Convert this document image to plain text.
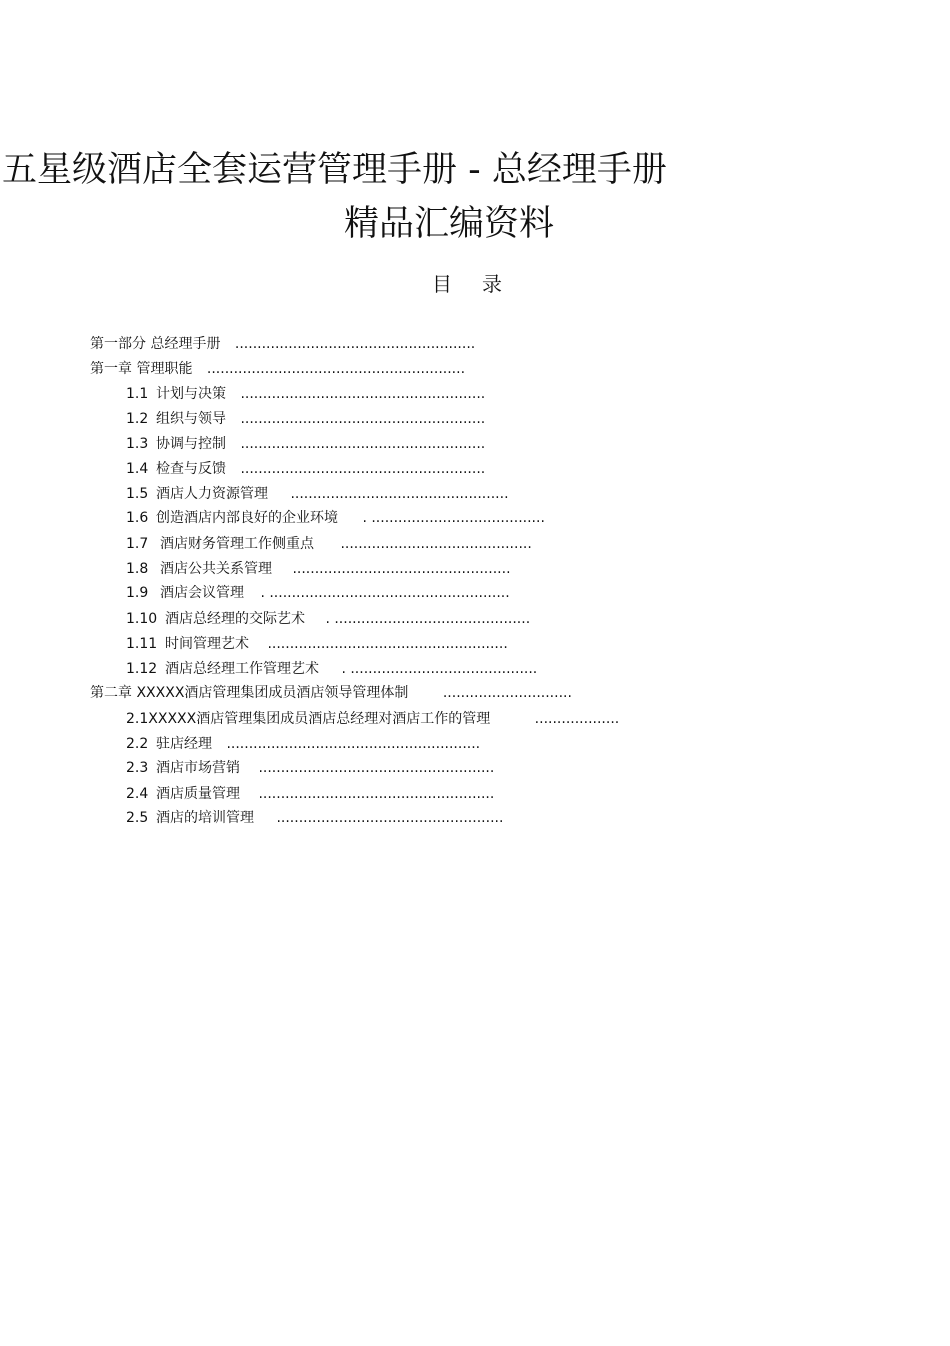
五星级酒店全套运营管理手册 - 总经理手册
精品汇编资料
目录
第一部分 总经理手册 ......................................................
第一章 管理职能 ..........................................................
1.1 计划与决策 .......................................................
1.2 组织与领导 .......................................................
1.3 协调与控制 .......................................................
1.4 检查与反馈 .......................................................
1.5 酒店人力资源管理 .................................................
1.6 创造酒店内部良好的企业环境 . .......................................
1.7 酒店财务管理工作侧重点 ...........................................
1.8 酒店公共关系管理 .................................................
1.9 酒店会议管理 . ......................................................
1.10 酒店总经理的交际艺术 . ............................................
1.11 时间管理艺术 ......................................................
1.12 酒店总经理工作管理艺术 . ..........................................
第二章 XXXXX酒店管理集团成员酒店领导管理体制 .............................
2.1XXXXX酒店管理集团成员酒店总经理对酒店工作的管理	...................
2.2 驻店经理 .........................................................
2.3 酒店市场营销 .....................................................
2.4 酒店质量管理 .....................................................
2.5 酒店的培训管理 ...................................................
